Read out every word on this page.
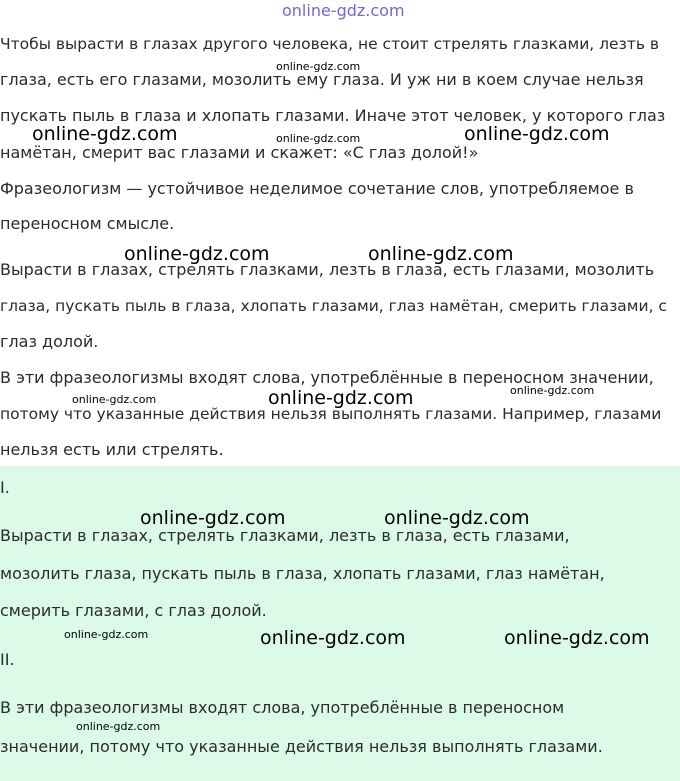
online-gdz.com
Чтобы вырасти в глазах другого человека, не стоит стрелять глазками, лезть в
глаза, есть его глазами, мозолить ему глаза. И уж ни в коем случае нельзя
пускать пыль в глаза и хлопать глазами. Иначе этот человек, у которого глаз
намётан, смерит вас глазами и скажет: «С глаз долой!»
Фразеологизм — устойчивое неделимое сочетание слов, употребляемое в
переносном смысле.
Вырасти в глазах, стрелять глазками, лезть в глаза, есть глазами, мозолить
глаза, пускать пыль в глаза, хлопать глазами, глаз намётан, смерить глазами, с
глаз долой.
В эти фразеологизмы входят слова, употреблённые в переносном значении,
потому что указанные действия нельзя выполнять глазами. Например, глазами
нельзя есть или стрелять.
I.
Вырасти в глазах, стрелять глазками, лезть в глаза, есть глазами,
мозолить глаза, пускать пыль в глаза, хлопать глазами, глаз намётан,
смерить глазами, с глаз долой.
II.
В эти фразеологизмы входят слова, употреблённые в переносном
значении, потому что указанные действия нельзя выполнять глазами.
online-gdz.com
online-gdz.com	online-gdz.com	online-gdz.com
online-gdz.com	online-gdz.com
online-gdz.com
online-gdz.com	online-gdz.com
online-gdz.com	online-gdz.com
online-gdz.com	online-gdz.com	online-gdz.com
online-gdz.com
